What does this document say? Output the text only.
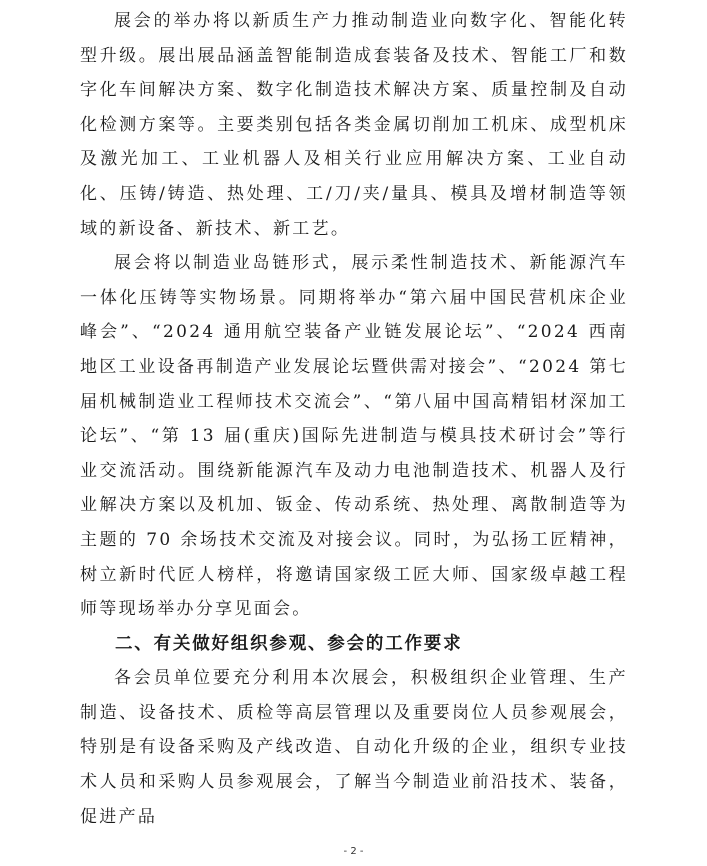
展会的举办将以新质生产力推动制造业向数字化、智能化转型升级。展出展品涵盖智能制造成套装备及技术、智能工厂和数字化车间解决方案、数字化制造技术解决方案、质量控制及自动化检测方案等。主要类别包括各类金属切削加工机床、成型机床及激光加工、工业机器人及相关行业应用解决方案、工业自动化、压铸/铸造、热处理、工/刀/夹/量具、模具及增材制造等领域的新设备、新技术、新工艺。

展会将以制造业岛链形式，展示柔性制造技术、新能源汽车一体化压铸等实物场景。同期将举办“第六届中国民营机床企业峰会”、“2024 通用航空装备产业链发展论坛”、“2024 西南地区工业设备再制造产业发展论坛暨供需对接会”、“2024 第七届机械制造业工程师技术交流会”、“第八届中国高精铝材深加工论坛”、“第 13 届(重庆)国际先进制造与模具技术研讨会”等行业交流活动。围绕新能源汽车及动力电池制造技术、机器人及行业解决方案以及机加、钣金、传动系统、热处理、离散制造等为主题的 70 余场技术交流及对接会议。同时，为弘扬工匠精神，树立新时代匠人榜样，将邀请国家级工匠大师、国家级卓越工程师等现场举办分享见面会。

二、有关做好组织参观、参会的工作要求

各会员单位要充分利用本次展会，积极组织企业管理、生产制造、设备技术、质检等高层管理以及重要岗位人员参观展会，特别是有设备采购及产线改造、自动化升级的企业，组织专业技术人员和采购人员参观展会，了解当今制造业前沿技术、装备，促进产品

- 2 -
